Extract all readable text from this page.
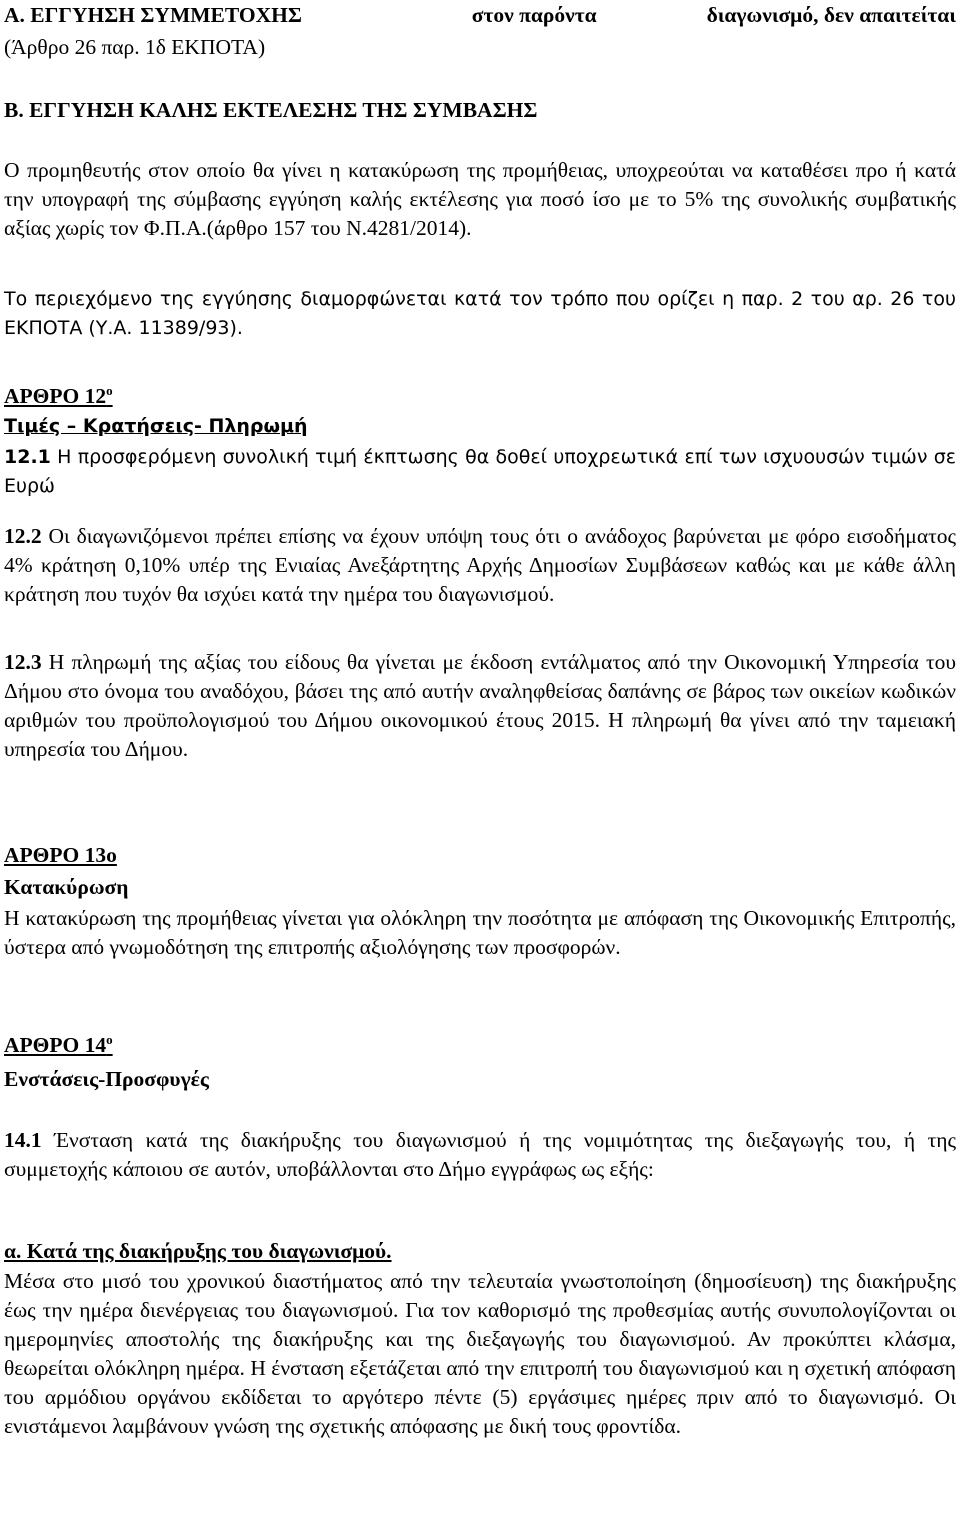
Α. ΕΓΓΥΗΣΗ ΣΥΜΜΕΤΟΧΗΣ	στον παρόντα	διαγωνισμό, δεν απαιτείται
(Άρθρο 26 παρ. 1δ ΕΚΠΟΤΑ)
Β. ΕΓΓΥΗΣΗ ΚΑΛΗΣ ΕΚΤΕΛΕΣΗΣ ΤΗΣ ΣΥΜΒΑΣΗΣ

Ο προμηθευτής στον οποίο θα γίνει η κατακύρωση της προμήθειας, υποχρεούται να καταθέσει προ ή κατά την υπογραφή της σύμβασης εγγύηση καλής εκτέλεσης για ποσό ίσο με το 5% της συνολικής συμβατικής αξίας χωρίς τον Φ.Π.Α.(άρθρο 157 του Ν.4281/2014).

Το περιεχόμενο της εγγύησης διαμορφώνεται κατά τον τρόπο που ορίζει η παρ. 2 του αρ. 26 του ΕΚΠΟΤΑ (Υ.Α. 11389/93).

ΑΡΘΡΟ $12^o$
Τιμές – Κρατήσεις- Πληρωμή

12.1 Η προσφερόμενη συνολική τιμή έκπτωσης θα δοθεί υποχρεωτικά επί των ισχυουσών τιμών σε Ευρώ

12.2 Οι διαγωνιζόμενοι πρέπει επίσης να έχουν υπόψη τους ότι ο ανάδοχος βαρύνεται με φόρο εισοδήματος 4% κράτηση 0,10% υπέρ της Ενιαίας Ανεξάρτητης Αρχής Δημοσίων Συμβάσεων καθώς και με κάθε άλλη κράτηση που τυχόν θα ισχύει κατά την ημέρα του διαγωνισμού.

12.3 Η πληρωμή της αξίας του είδους θα γίνεται με έκδοση εντάλματος από την Οικονομική Υπηρεσία του Δήμου στο όνομα του αναδόχου, βάσει της από αυτήν αναληφθείσας δαπάνης σε βάρος των οικείων κωδικών αριθμών του προϋπολογισμού του Δήμου οικονομικού έτους 2015. Η πληρωμή θα γίνει από την ταμειακή υπηρεσία του Δήμου.

ΑΡΘΡΟ 13ο
Κατακύρωση

Η κατακύρωση της προμήθειας γίνεται για ολόκληρη την ποσότητα με απόφαση της Οικονομικής Επιτροπής, ύστερα από γνωμοδότηση της επιτροπής αξιολόγησης των προσφορών.

ΑΡΘΡΟ $14^o$
Ενστάσεις-Προσφυγές

14.1 Ένσταση κατά της διακήρυξης του διαγωνισμού ή της νομιμότητας της διεξαγωγής του, ή της συμμετοχής κάποιου σε αυτόν, υποβάλλονται στο Δήμο εγγράφως ως εξής:

α. Κατά της διακήρυξης του διαγωνισμού.

Μέσα στο μισό του χρονικού διαστήματος από την τελευταία γνωστοποίηση (δημοσίευση) της διακήρυξης έως την ημέρα διενέργειας του διαγωνισμού. Για τον καθορισμό της προθεσμίας αυτής συνυπολογίζονται οι ημερομηνίες αποστολής της διακήρυξης και της διεξαγωγής του διαγωνισμού. Αν προκύπτει κλάσμα, θεωρείται ολόκληρη ημέρα. Η ένσταση εξετάζεται από την επιτροπή του διαγωνισμού και η σχετική απόφαση του αρμόδιου οργάνου εκδίδεται το αργότερο πέντε (5) εργάσιμες ημέρες πριν από το διαγωνισμό. Οι ενιστάμενοι λαμβάνουν γνώση της σχετικής απόφασης με δική τους φροντίδα.
